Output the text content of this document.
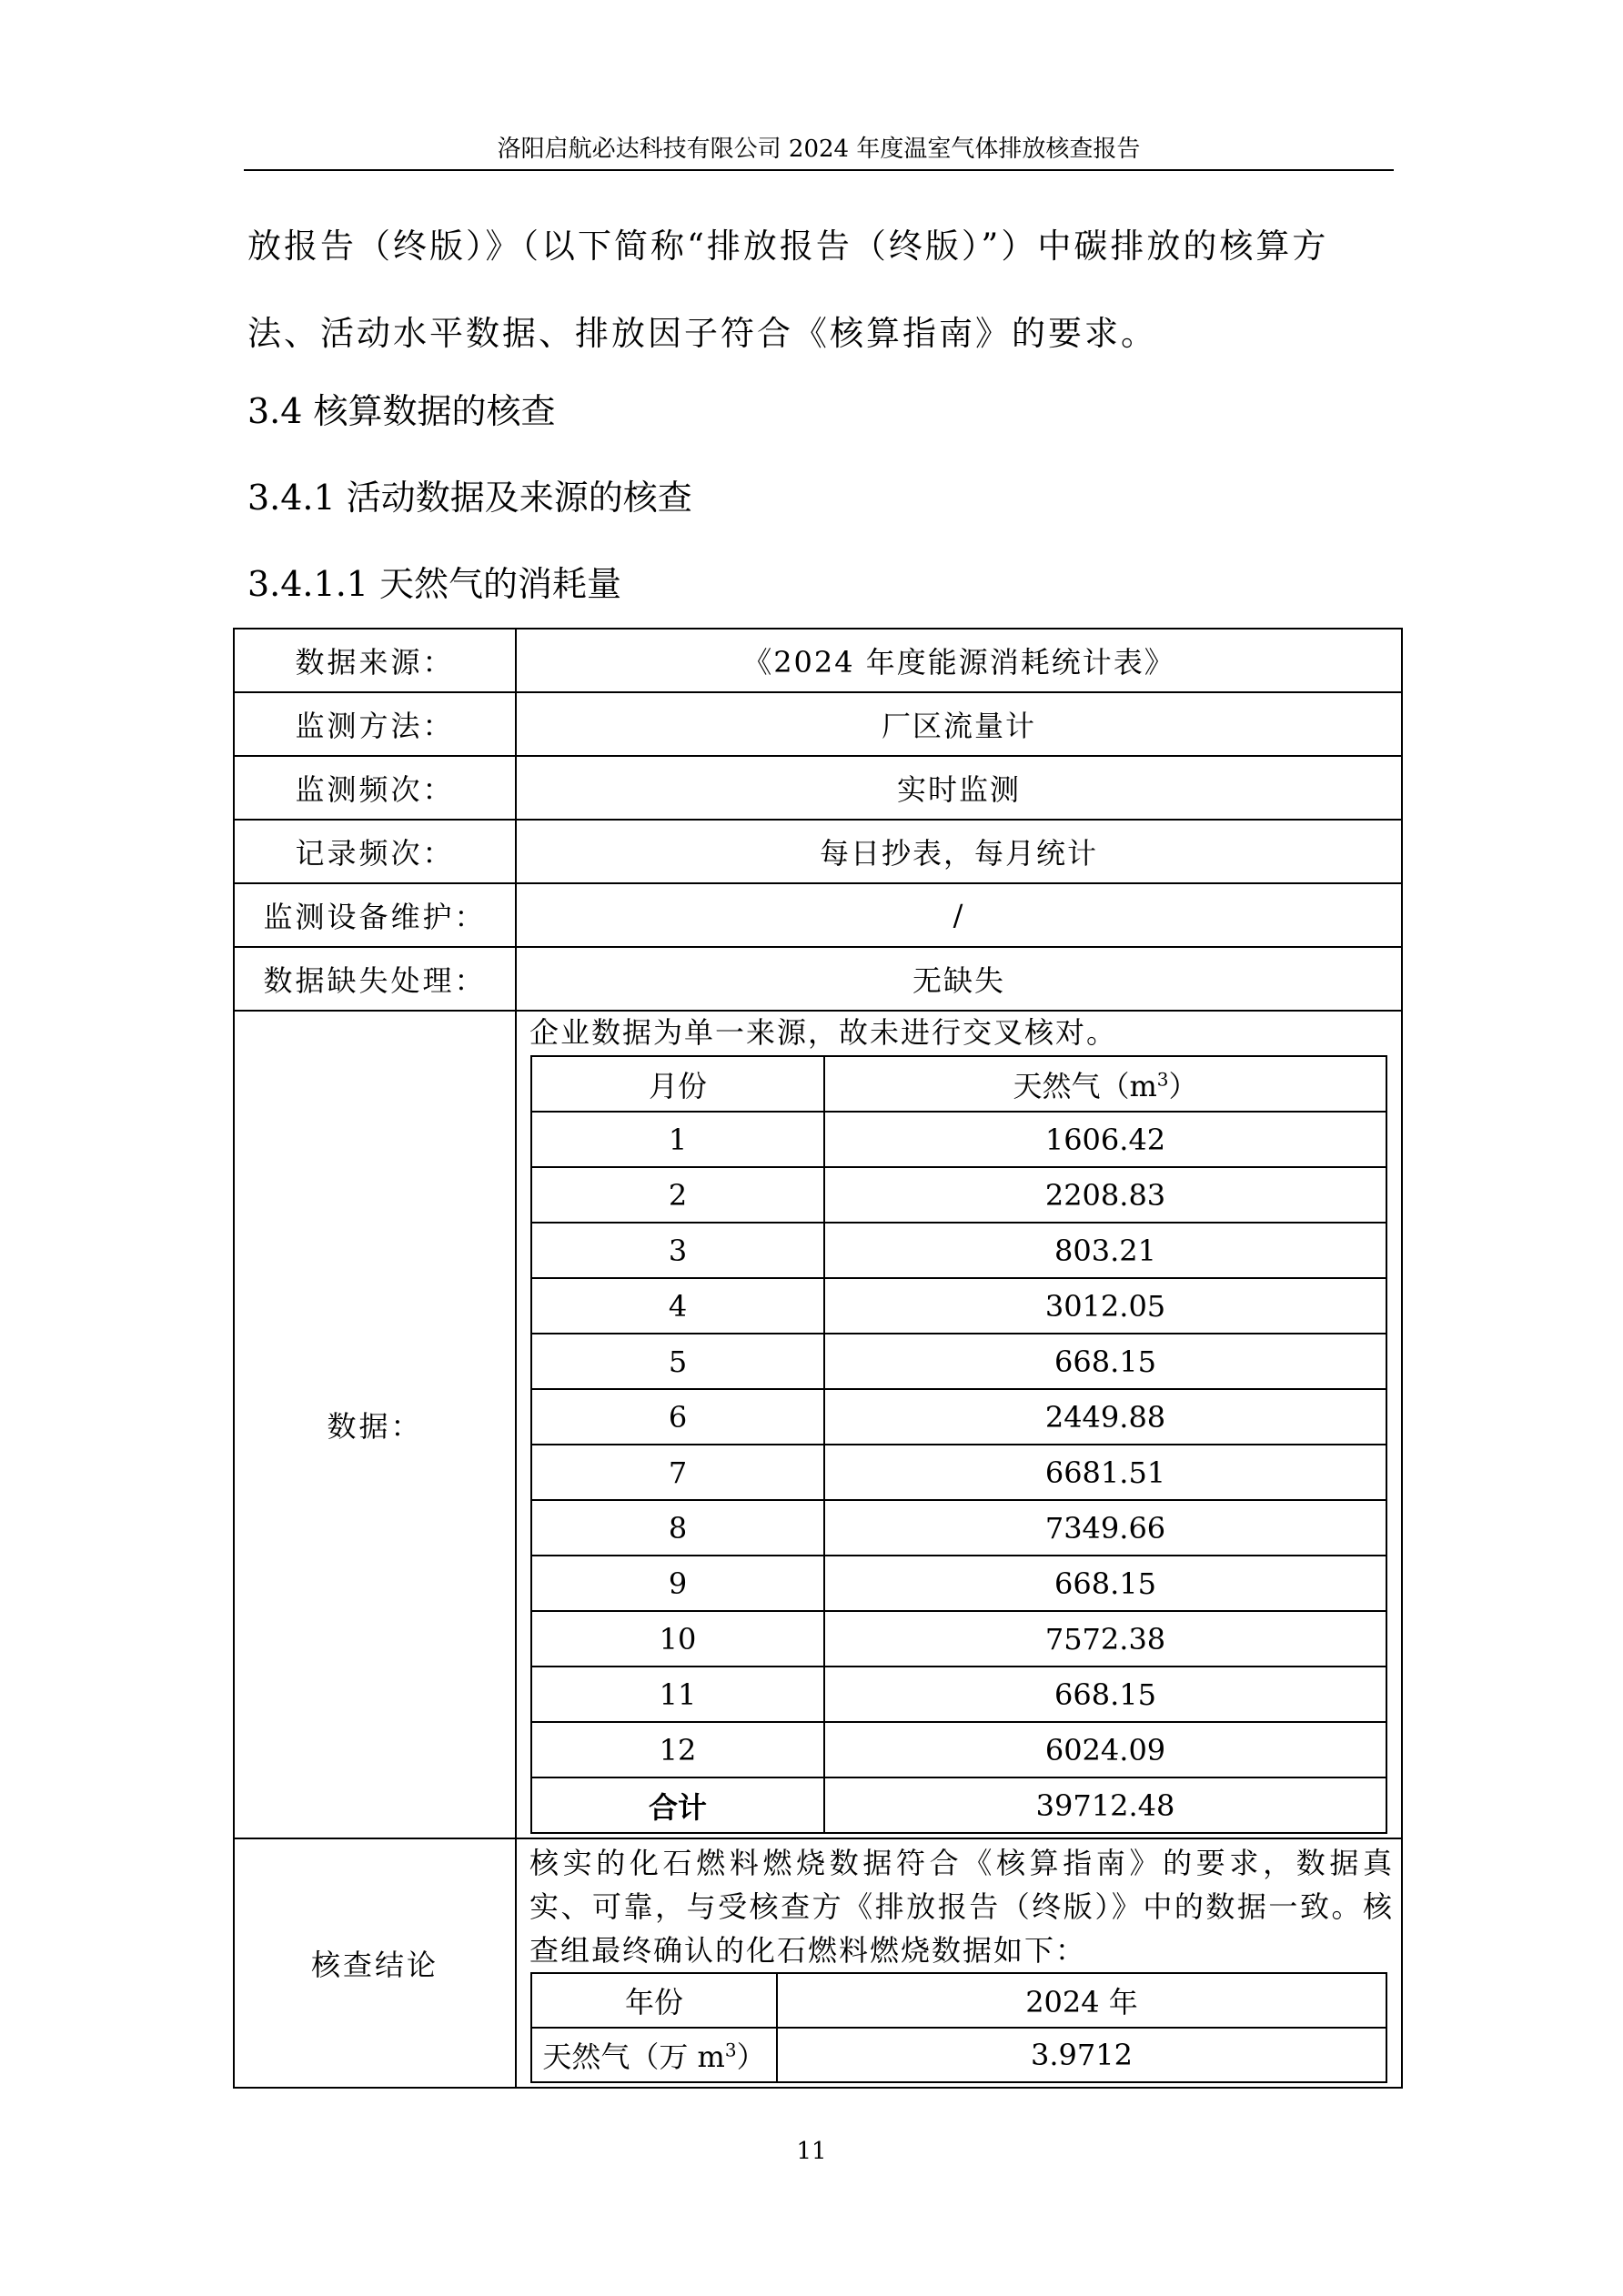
洛阳启航必达科技有限公司 2024 年度温室气体排放核查报告

放报告（终版）》（以下简称“排放报告（终版）”）中碳排放的核算方法、活动水平数据、排放因子符合《核算指南》的要求。

3.4 核算数据的核查

3.4.1 活动数据及来源的核查

3.4.1.1 天然气的消耗量

数据来源：	《2024 年度能源消耗统计表》
监测方法：	厂区流量计
监测频次：	实时监测
记录频次：	每日抄表，每月统计
监测设备维护：	/
数据缺失处理：	无缺失
数据：	
企业数据为单一来源，故未进行交叉核对。
月份	天然气$(m^3)$
1	1606.42
2	2208.83
3	803.21
4	3012.05
5	668.15
6	2449.88
7	6681.51
8	7349.66
9	668.15
10	7572.38
11	668.15
12	6024.09
合计	39712.48

核查结论	
核实的化石燃料燃烧数据符合《核算指南》的要求，数据真实、可靠，与受核查方《排放报告（终版）》中的数据一致。核查组最终确认的化石燃料燃烧数据如下：
年份	2024 年
天然气（万 $m^3$）	3.9712
11
